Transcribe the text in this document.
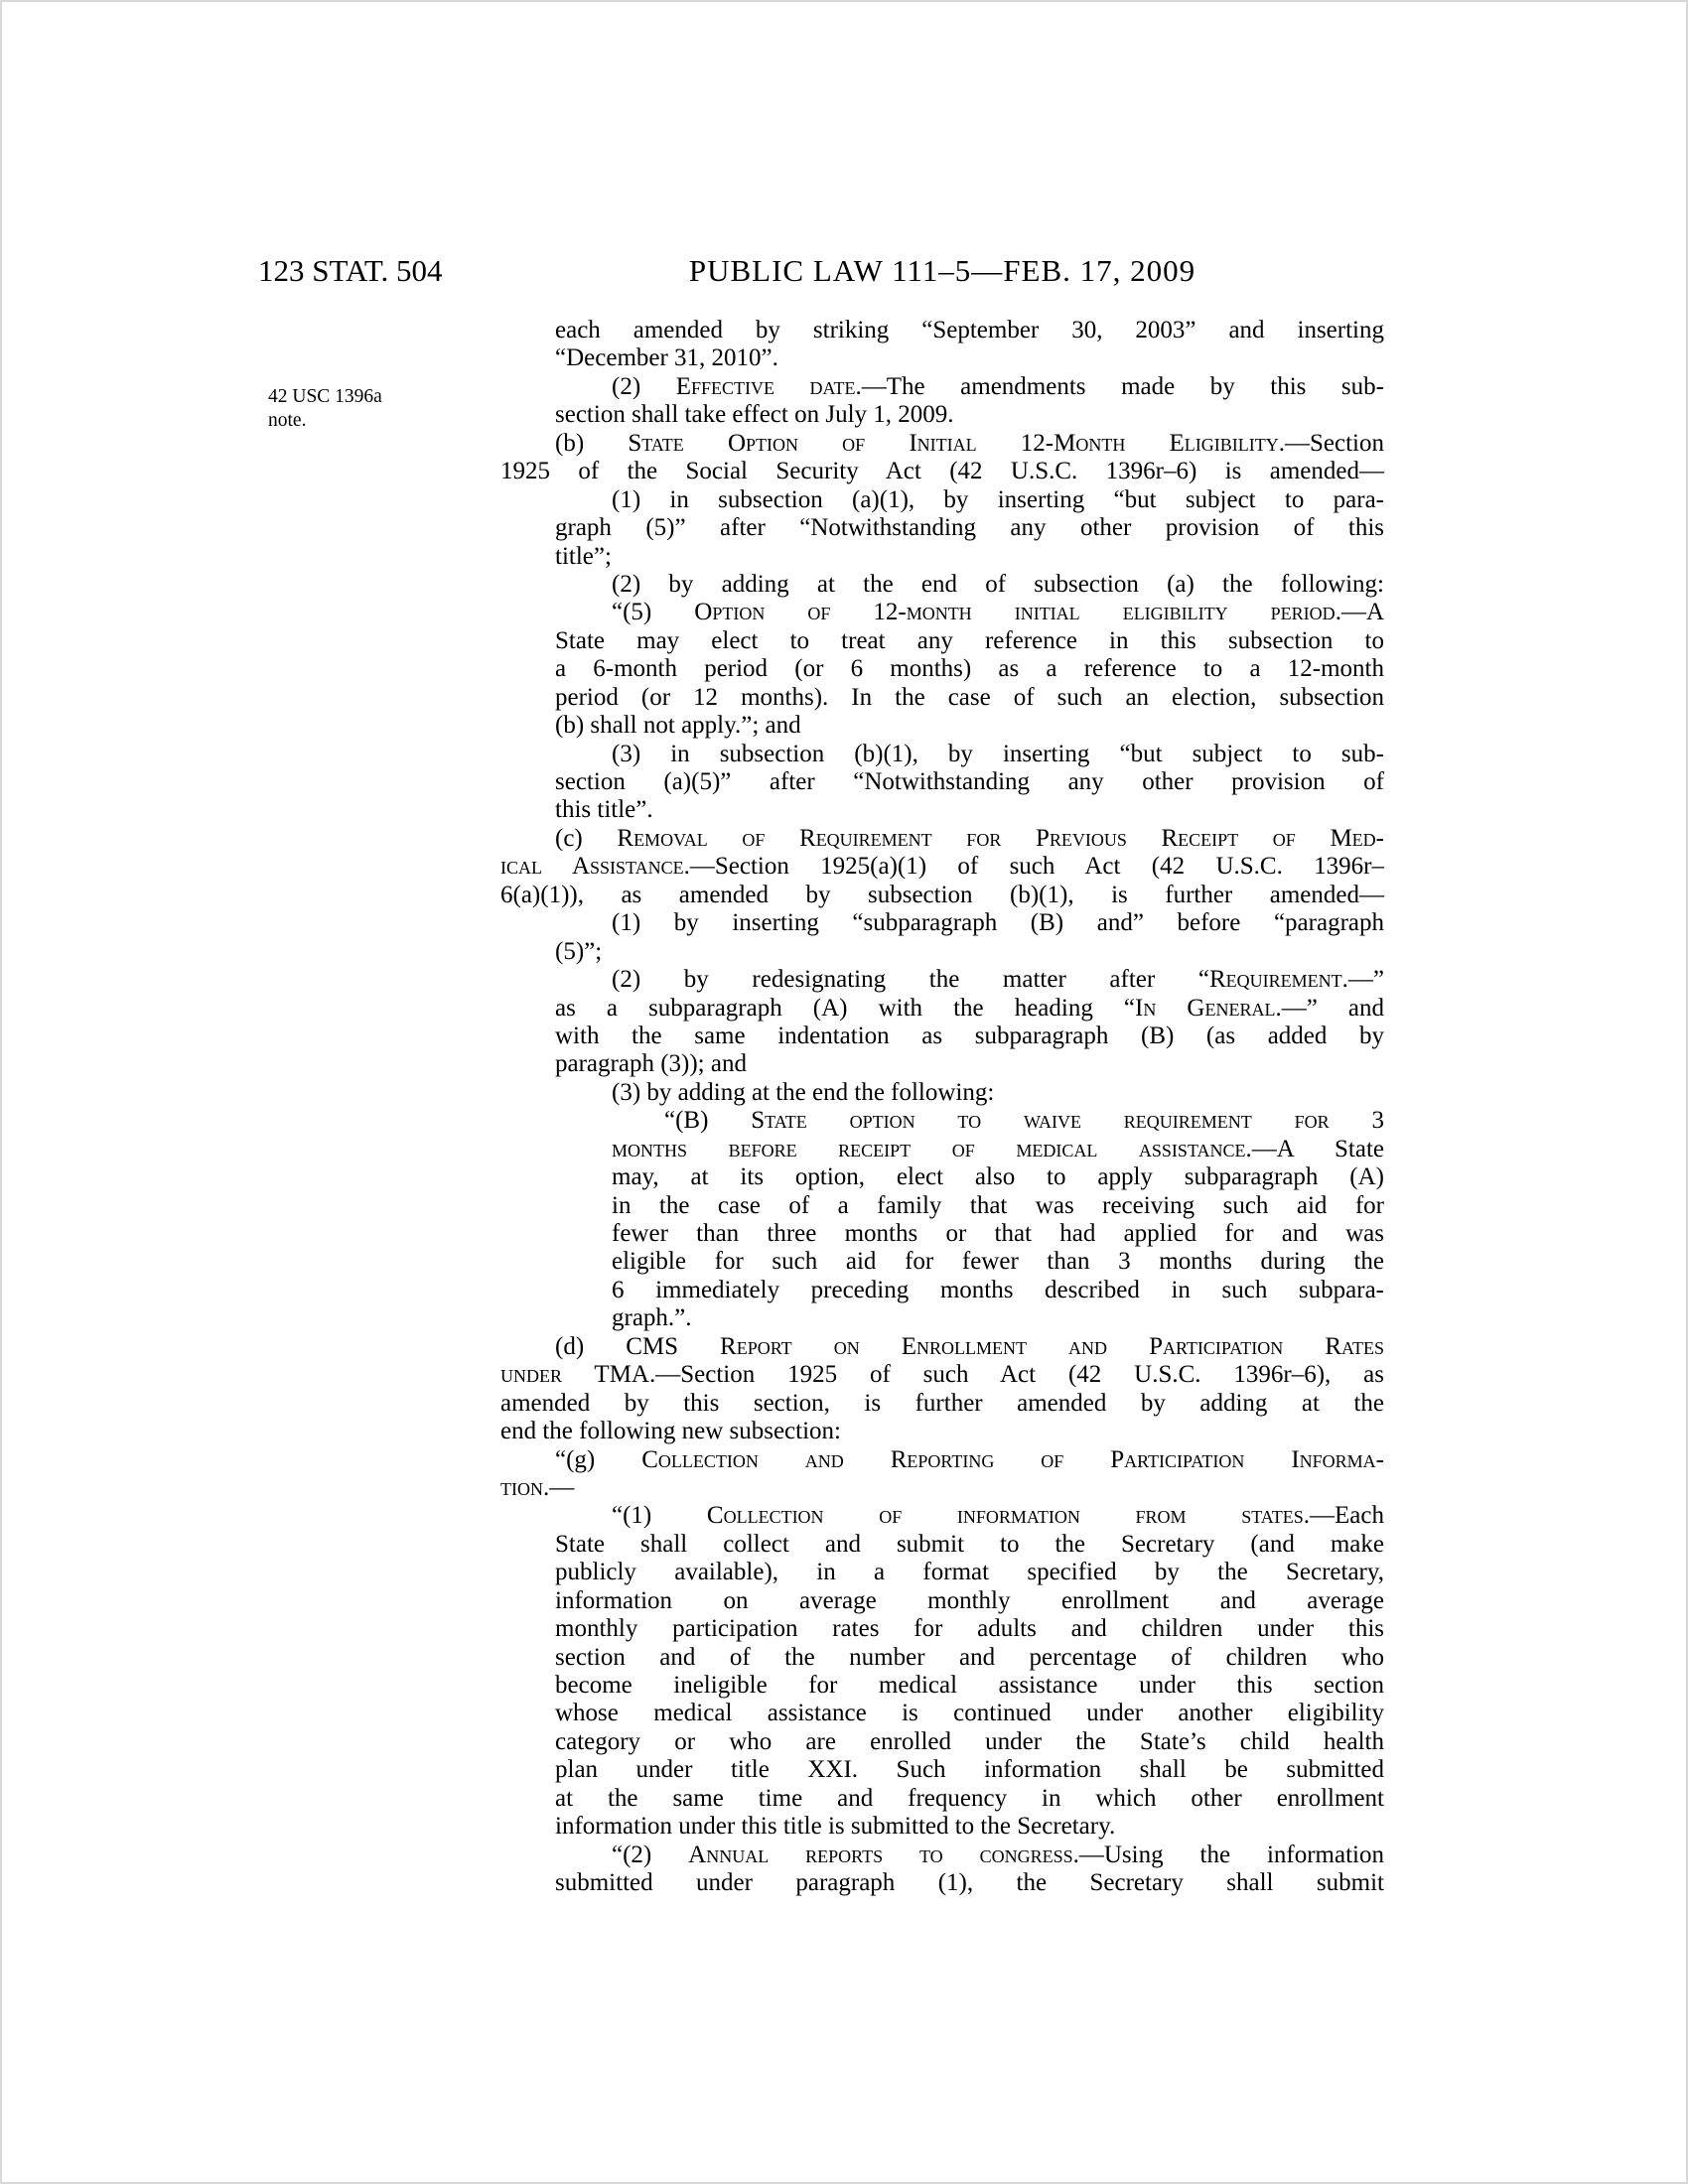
123 STAT. 504	PUBLIC LAW 111–5—FEB. 17, 2009
42 USC 1396a
note.
each amended by striking “September 30, 2003” and inserting
“December 31, 2010”.
(2) Effective date.—The amendments made by this sub-
section shall take effect on July 1, 2009.
(b) State Option of Initial 12-Month Eligibility.—Section
1925 of the Social Security Act (42 U.S.C. 1396r–6) is amended—
(1) in subsection (a)(1), by inserting “but subject to para-
graph (5)” after “Notwithstanding any other provision of this
title”;
(2) by adding at the end of subsection (a) the following:
“(5) Option of 12-month initial eligibility period.—A
State may elect to treat any reference in this subsection to
a 6-month period (or 6 months) as a reference to a 12-month
period (or 12 months). In the case of such an election, subsection
(b) shall not apply.”; and
(3) in subsection (b)(1), by inserting “but subject to sub-
section (a)(5)” after “Notwithstanding any other provision of
this title”.
(c) Removal of Requirement for Previous Receipt of Med-
ical Assistance.—Section 1925(a)(1) of such Act (42 U.S.C. 1396r–
6(a)(1)), as amended by subsection (b)(1), is further amended—
(1) by inserting “subparagraph (B) and” before “paragraph
(5)”;
(2) by redesignating the matter after “Requirement.—”
as a subparagraph (A) with the heading “In General.—” and
with the same indentation as subparagraph (B) (as added by
paragraph (3)); and
(3) by adding at the end the following:
“(B) State option to waive requirement for 3
months before receipt of medical assistance.—A State
may, at its option, elect also to apply subparagraph (A)
in the case of a family that was receiving such aid for
fewer than three months or that had applied for and was
eligible for such aid for fewer than 3 months during the
6 immediately preceding months described in such subpara-
graph.”.
(d) CMS Report on Enrollment and Participation Rates
under TMA.—Section 1925 of such Act (42 U.S.C. 1396r–6), as
amended by this section, is further amended by adding at the
end the following new subsection:
“(g) Collection and Reporting of Participation Informa-
tion.—
“(1) Collection of information from states.—Each
State shall collect and submit to the Secretary (and make
publicly available), in a format specified by the Secretary,
information on average monthly enrollment and average
monthly participation rates for adults and children under this
section and of the number and percentage of children who
become ineligible for medical assistance under this section
whose medical assistance is continued under another eligibility
category or who are enrolled under the State’s child health
plan under title XXI. Such information shall be submitted
at the same time and frequency in which other enrollment
information under this title is submitted to the Secretary.
“(2) Annual reports to congress.—Using the information
submitted under paragraph (1), the Secretary shall submit
